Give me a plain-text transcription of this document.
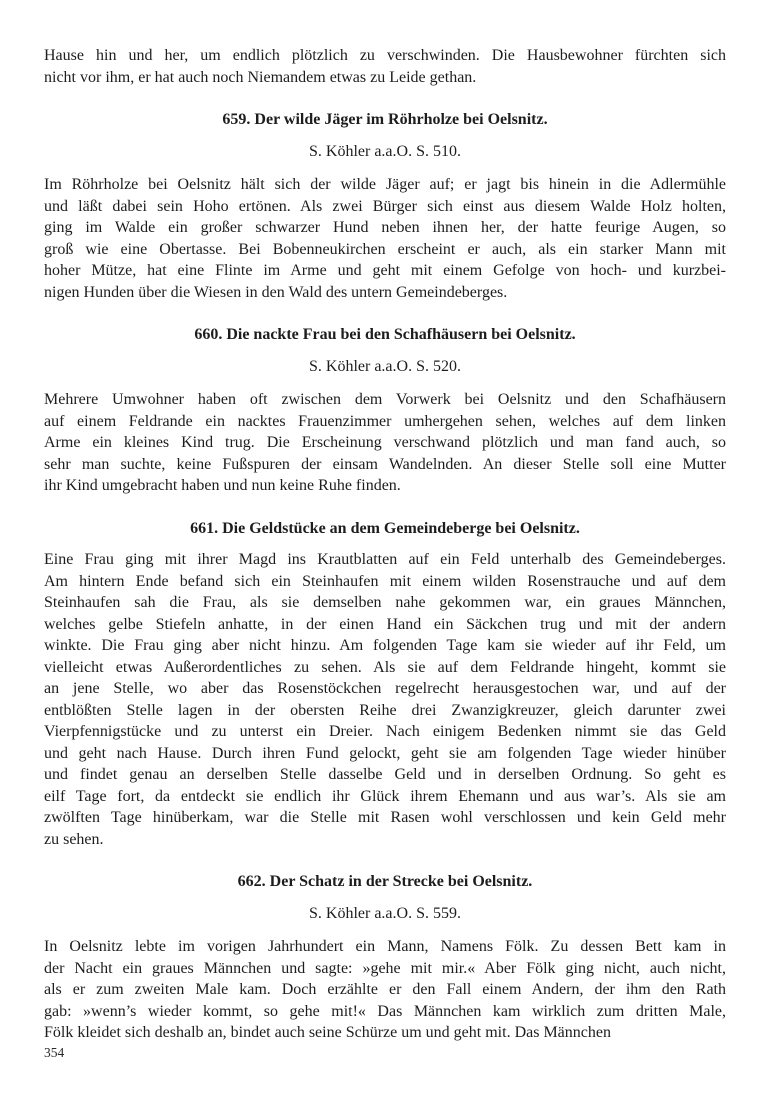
Hause hin und her, um endlich plötzlich zu verschwinden. Die Hausbewohner fürchten sich
nicht vor ihm, er hat auch noch Niemandem etwas zu Leide gethan.
659. Der wilde Jäger im Röhrholze bei Oelsnitz.
S. Köhler a.a.O. S. 510.
Im Röhrholze bei Oelsnitz hält sich der wilde Jäger auf; er jagt bis hinein in die Adlermühle
und läßt dabei sein Hoho ertönen. Als zwei Bürger sich einst aus diesem Walde Holz holten,
ging im Walde ein großer schwarzer Hund neben ihnen her, der hatte feurige Augen, so
groß wie eine Obertasse. Bei Bobenneukirchen erscheint er auch, als ein starker Mann mit
hoher Mütze, hat eine Flinte im Arme und geht mit einem Gefolge von hoch- und kurzbei-
nigen Hunden über die Wiesen in den Wald des untern Gemeindeberges.
660. Die nackte Frau bei den Schafhäusern bei Oelsnitz.
S. Köhler a.a.O. S. 520.
Mehrere Umwohner haben oft zwischen dem Vorwerk bei Oelsnitz und den Schafhäusern
auf einem Feldrande ein nacktes Frauenzimmer umhergehen sehen, welches auf dem linken
Arme ein kleines Kind trug. Die Erscheinung verschwand plötzlich und man fand auch, so
sehr man suchte, keine Fußspuren der einsam Wandelnden. An dieser Stelle soll eine Mutter
ihr Kind umgebracht haben und nun keine Ruhe finden.
661. Die Geldstücke an dem Gemeindeberge bei Oelsnitz.
Eine Frau ging mit ihrer Magd ins Krautblatten auf ein Feld unterhalb des Gemeindeberges.
Am hintern Ende befand sich ein Steinhaufen mit einem wilden Rosenstrauche und auf dem
Steinhaufen sah die Frau, als sie demselben nahe gekommen war, ein graues Männchen,
welches gelbe Stiefeln anhatte, in der einen Hand ein Säckchen trug und mit der andern
winkte. Die Frau ging aber nicht hinzu. Am folgenden Tage kam sie wieder auf ihr Feld, um
vielleicht etwas Außerordentliches zu sehen. Als sie auf dem Feldrande hingeht, kommt sie
an jene Stelle, wo aber das Rosenstöckchen regelrecht herausgestochen war, und auf der
entblößten Stelle lagen in der obersten Reihe drei Zwanzigkreuzer, gleich darunter zwei
Vierpfennigstücke und zu unterst ein Dreier. Nach einigem Bedenken nimmt sie das Geld
und geht nach Hause. Durch ihren Fund gelockt, geht sie am folgenden Tage wieder hinüber
und findet genau an derselben Stelle dasselbe Geld und in derselben Ordnung. So geht es
eilf Tage fort, da entdeckt sie endlich ihr Glück ihrem Ehemann und aus war’s. Als sie am
zwölften Tage hinüberkam, war die Stelle mit Rasen wohl verschlossen und kein Geld mehr
zu sehen.
662. Der Schatz in der Strecke bei Oelsnitz.
S. Köhler a.a.O. S. 559.
In Oelsnitz lebte im vorigen Jahrhundert ein Mann, Namens Fölk. Zu dessen Bett kam in
der Nacht ein graues Männchen und sagte: »gehe mit mir.« Aber Fölk ging nicht, auch nicht,
als er zum zweiten Male kam. Doch erzählte er den Fall einem Andern, der ihm den Rath
gab: »wenn’s wieder kommt, so gehe mit!« Das Männchen kam wirklich zum dritten Male,
Fölk kleidet sich deshalb an, bindet auch seine Schürze um und geht mit. Das Männchen
354
